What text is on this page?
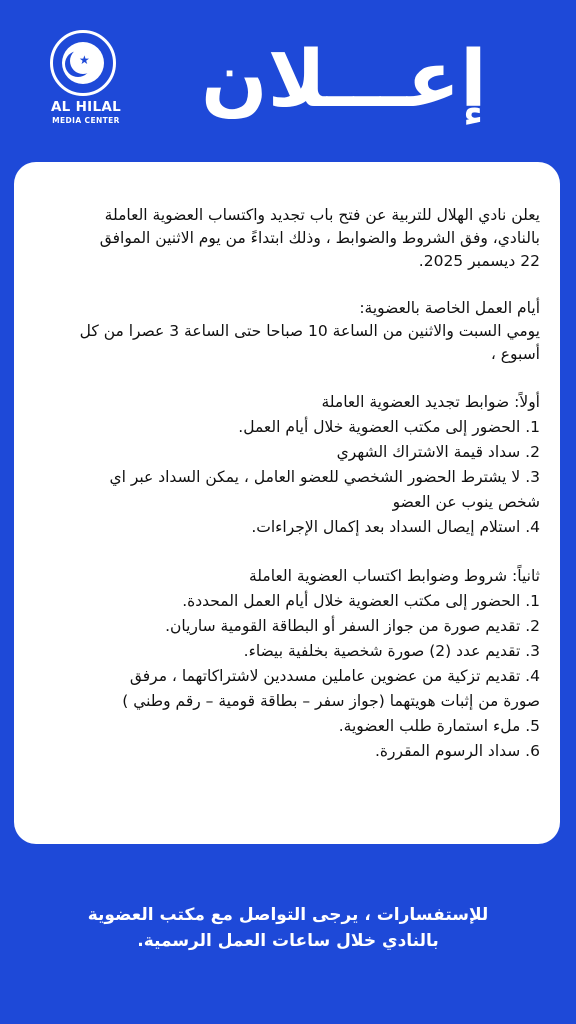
★
AL HILAL
MEDIA CENTER إعـــلان

يعلن نادي الهلال للتربية عن فتح باب تجديد واكتساب العضوية العاملة

بالنادي، وفق الشروط والضوابط ، وذلك ابتداءً من يوم الاثنين الموافق

22 ديسمبر 2025.

أيام العمل الخاصة بالعضوية:

يومي السبت والاثنين من الساعة 10 صباحا حتى الساعة 3 عصرا من كل

أسبوع ،

أولاً: ضوابط تجديد العضوية العاملة

1. الحضور إلى مكتب العضوية خلال أيام العمل.

2. سداد قيمة الاشتراك الشهري

3. لا يشترط الحضور الشخصي للعضو العامل ، يمكن السداد عبر اي

شخص ينوب عن العضو

4. استلام إيصال السداد بعد إكمال الإجراءات.

ثانياً: شروط وضوابط اكتساب العضوية العاملة

1. الحضور إلى مكتب العضوية خلال أيام العمل المحددة.

2. تقديم صورة من جواز السفر أو البطاقة القومية ساريان.

3. تقديم عدد (2) صورة شخصية بخلفية بيضاء.

4. تقديم تزكية من عضوين عاملين مسددين لاشتراكاتهما ، مرفق

صورة من إثبات هويتهما (جواز سفر – بطاقة قومية – رقم وطني )

5. ملء استمارة طلب العضوية.

6. سداد الرسوم المقررة.

للإستفسارات ، يرجى التواصل مع مكتب العضوية
بالنادي خلال ساعات العمل الرسمية.
